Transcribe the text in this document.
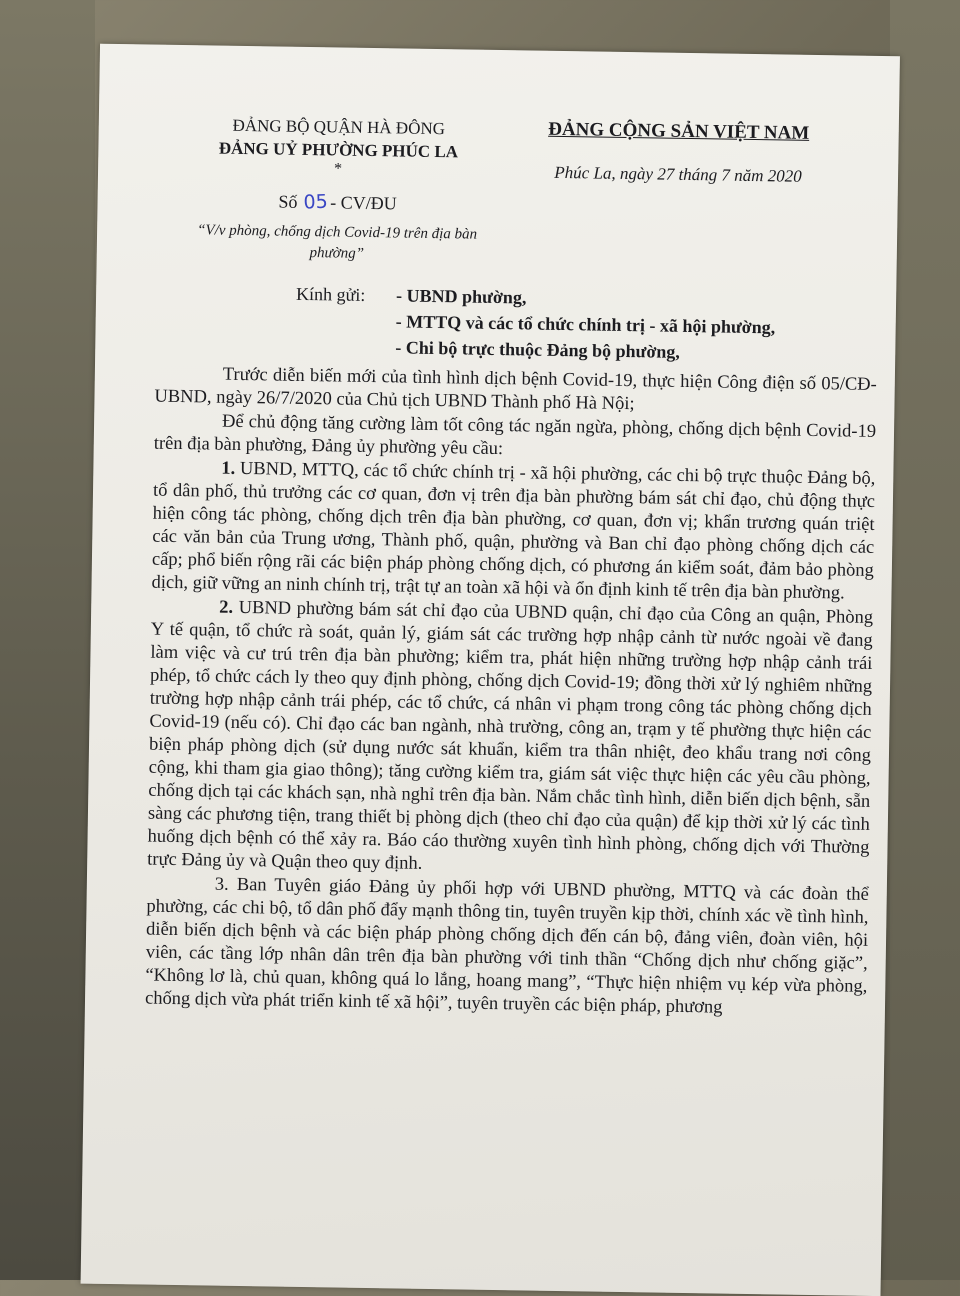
ĐẢNG BỘ QUẬN HÀ ĐÔNG
ĐẢNG UỶ PHƯỜNG PHÚC LA
*
Số 05- CV/ĐU
“V/v phòng, chống dịch Covid-19 trên địa bàn phường”
ĐẢNG CỘNG SẢN VIỆT NAM
Phúc La, ngày 27 tháng 7 năm 2020
Kính gửi: - UBND phường,
- MTTQ và các tổ chức chính trị - xã hội phường,
- Chi bộ trực thuộc Đảng bộ phường,

Trước diễn biến mới của tình hình dịch bệnh Covid-19, thực hiện Công điện số 05/CĐ-UBND, ngày 26/7/2020 của Chủ tịch UBND Thành phố Hà Nội;

Để chủ động tăng cường làm tốt công tác ngăn ngừa, phòng, chống dịch bệnh Covid-19 trên địa bàn phường, Đảng ủy phường yêu cầu:

1. UBND, MTTQ, các tổ chức chính trị - xã hội phường, các chi bộ trực thuộc Đảng bộ, tổ dân phố, thủ trưởng các cơ quan, đơn vị trên địa bàn phường bám sát chỉ đạo, chủ động thực hiện công tác phòng, chống dịch trên địa bàn phường, cơ quan, đơn vị; khẩn trương quán triệt các văn bản của Trung ương, Thành phố, quận, phường và Ban chỉ đạo phòng chống dịch các cấp; phổ biến rộng rãi các biện pháp phòng chống dịch, có phương án kiểm soát, đảm bảo phòng dịch, giữ vững an ninh chính trị, trật tự an toàn xã hội và ổn định kinh tế trên địa bàn phường.

2. UBND phường bám sát chỉ đạo của UBND quận, chỉ đạo của Công an quận, Phòng Y tế quận, tổ chức rà soát, quản lý, giám sát các trường hợp nhập cảnh từ nước ngoài về đang làm việc và cư trú trên địa bàn phường; kiểm tra, phát hiện những trường hợp nhập cảnh trái phép, tổ chức cách ly theo quy định phòng, chống dịch Covid-19; đồng thời xử lý nghiêm những trường hợp nhập cảnh trái phép, các tổ chức, cá nhân vi phạm trong công tác phòng chống dịch Covid-19 (nếu có). Chỉ đạo các ban ngành, nhà trường, công an, trạm y tế phường thực hiện các biện pháp phòng dịch (sử dụng nước sát khuẩn, kiểm tra thân nhiệt, đeo khẩu trang nơi công cộng, khi tham gia giao thông); tăng cường kiểm tra, giám sát việc thực hiện các yêu cầu phòng, chống dịch tại các khách sạn, nhà nghỉ trên địa bàn. Nắm chắc tình hình, diễn biến dịch bệnh, sẵn sàng các phương tiện, trang thiết bị phòng dịch (theo chỉ đạo của quận) để kịp thời xử lý các tình huống dịch bệnh có thể xảy ra. Báo cáo thường xuyên tình hình phòng, chống dịch với Thường trực Đảng ủy và Quận theo quy định.

3. Ban Tuyên giáo Đảng ủy phối hợp với UBND phường, MTTQ và các đoàn thể phường, các chi bộ, tổ dân phố đẩy mạnh thông tin, tuyên truyền kịp thời, chính xác về tình hình, diễn biến dịch bệnh và các biện pháp phòng chống dịch đến cán bộ, đảng viên, đoàn viên, hội viên, các tầng lớp nhân dân trên địa bàn phường với tinh thần “Chống dịch như chống giặc”, “Không lơ là, chủ quan, không quá lo lắng, hoang mang”, “Thực hiện nhiệm vụ kép vừa phòng, chống dịch vừa phát triển kinh tế xã hội”, tuyên truyền các biện pháp, phương
